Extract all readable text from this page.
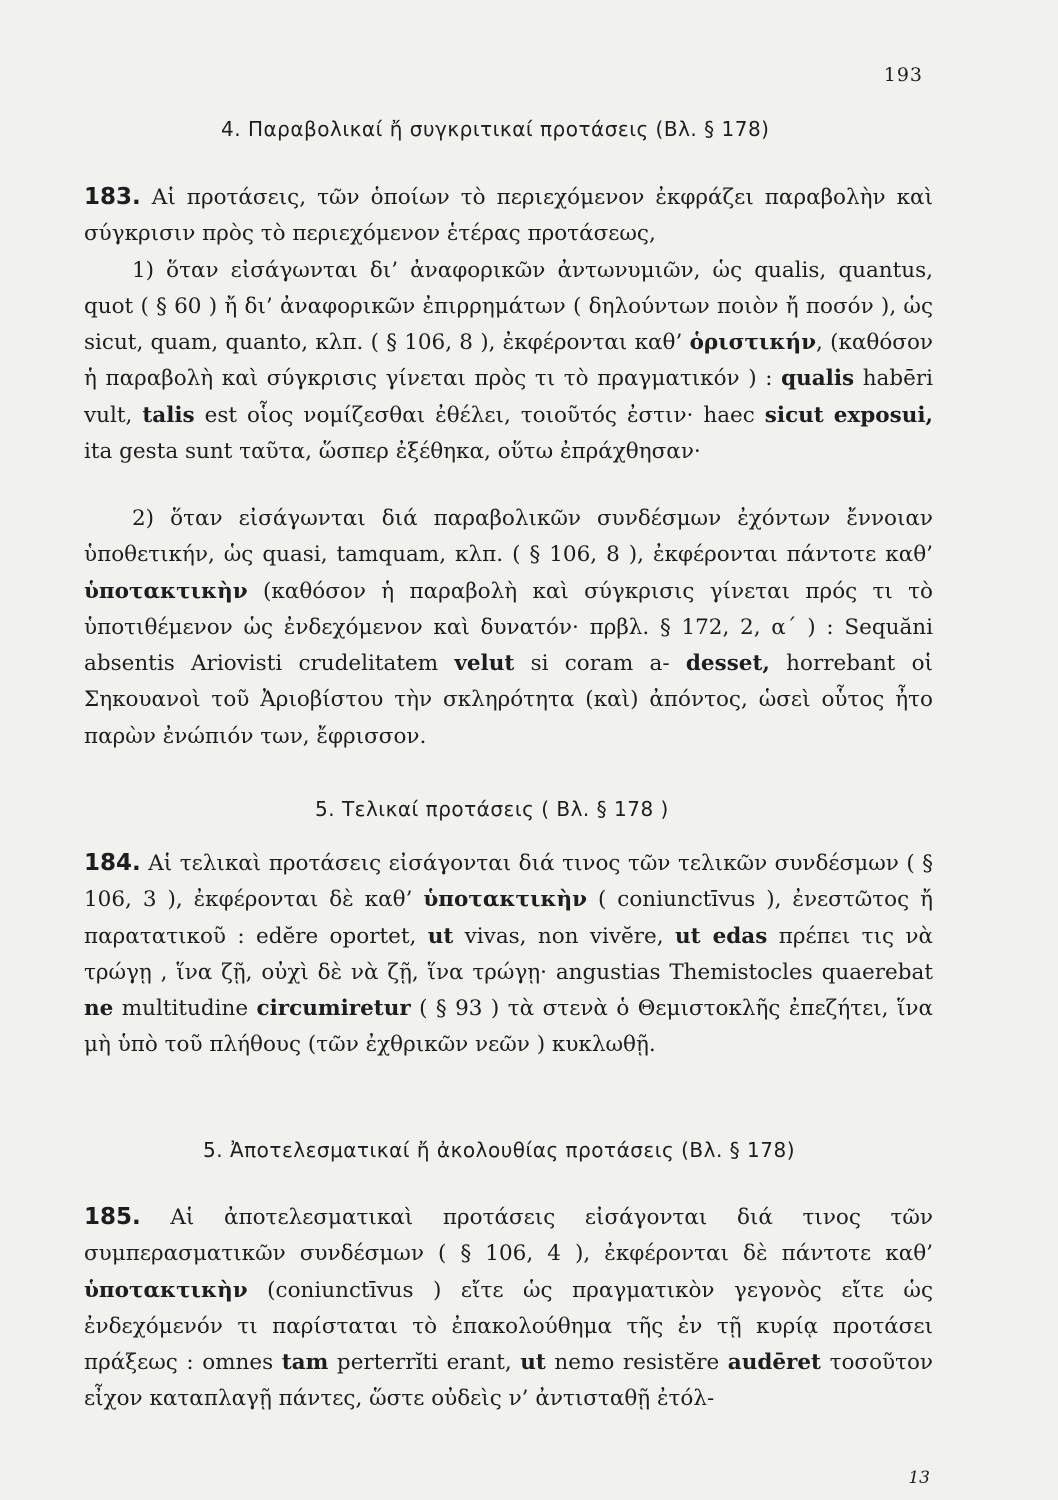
193
4. Παραβολικαί ἤ συγκριτικαί προτάσεις (Βλ. § 178)

183. Αἱ προτάσεις, τῶν ὁποίων τὸ περιεχόμενον ἐκφράζει παραβολὴν καὶ σύγκρισιν πρὸς τὸ περιεχόμενον ἑτέρας προτάσεως,
1) ὅταν εἰσάγωνται δι’ ἀναφορικῶν ἀντωνυμιῶν, ὡς qualis, quantus, quot ( § 60 ) ἤ δι’ ἀναφορικῶν ἐπιρρημάτων ( δηλούντων ποιὸν ἤ ποσόν ), ὡς sicut, quam, quanto, κλπ. ( § 106, 8 ), ἐκφέρονται καθ’ ὁριστικήν, (καθόσον ἡ παραβολὴ καὶ σύγκρισις γίνεται πρὸς τι τὸ πραγματικόν ) : qualis habēri vult, talis est οἷος νομίζεσθαι ἐθέλει, τοιοῦτός ἐστιν· haec sicut exposui, ita gesta sunt ταῦτα, ὥσπερ ἐξέθηκα, οὕτω ἐπράχθησαν·

2) ὅταν εἰσάγωνται διά παραβολικῶν συνδέσμων ἐχόντων ἔννοιαν ὑποθετικήν, ὡς quasi, tamquam, κλπ. ( § 106, 8 ), ἐκφέρονται πάντοτε καθ’ ὑποτακτικὴν (καθόσον ἡ παραβολὴ καὶ σύγκρισις γίνεται πρός τι τὸ ὑποτιθέμενον ὡς ἐνδεχόμενον καὶ δυνατόν· πρβλ. § 172, 2, α΄ ) : Sequăni absentis Ariovisti crudelitatem velut si coram a- desset, horrebant οἱ Σηκουανοὶ τοῦ Ἀριοβίστου τὴν σκληρότητα (καὶ) ἀπόντος, ὡσεὶ οὗτος ἦτο παρὼν ἐνώπιόν των, ἔφρισσον.

5. Τελικαί προτάσεις ( Βλ. § 178 )

184. Αἱ τελικαὶ προτάσεις εἰσάγονται διά τινος τῶν τελικῶν συνδέσμων ( § 106, 3 ), ἐκφέρονται δὲ καθ’ ὑποτακτικὴν ( coniunctīvus ), ἐνεστῶτος ἤ παρατατικοῦ : edĕre oportet, ut vivas, non vivĕre, ut edas πρέπει τις νὰ τρώγῃ , ἵνα ζῇ, οὐχὶ δὲ νὰ ζῇ, ἵνα τρώγῃ· angustias Themistocles quaerebat ne multitudine circumiretur ( § 93 ) τὰ στενὰ ὁ Θεμιστοκλῆς ἐπεζήτει, ἵνα μὴ ὑπὸ τοῦ πλήθους (τῶν ἐχθρικῶν νεῶν ) κυκλωθῇ.

5. Ἀποτελεσματικαί ἤ ἀκολουθίας προτάσεις (Βλ. § 178)

185. Αἱ ἀποτελεσματικαὶ προτάσεις εἰσάγονται διά τινος τῶν συμπερασματικῶν συνδέσμων ( § 106, 4 ), ἐκφέρονται δὲ πάντοτε καθ’ ὑποτακτικὴν (coniunctīvus ) εἴτε ὡς πραγματικὸν γεγονὸς εἴτε ὡς ἐνδεχόμενόν τι παρίσταται τὸ ἐπακολούθημα τῆς ἐν τῇ κυρίᾳ προτάσει πράξεως : omnes tam perterrĭti erant, ut nemo resistĕre audēret τοσοῦτον εἶχον καταπλαγῇ πάντες, ὥστε οὐδεὶς ν’ ἀντισταθῇ ἐτόλ-

13
